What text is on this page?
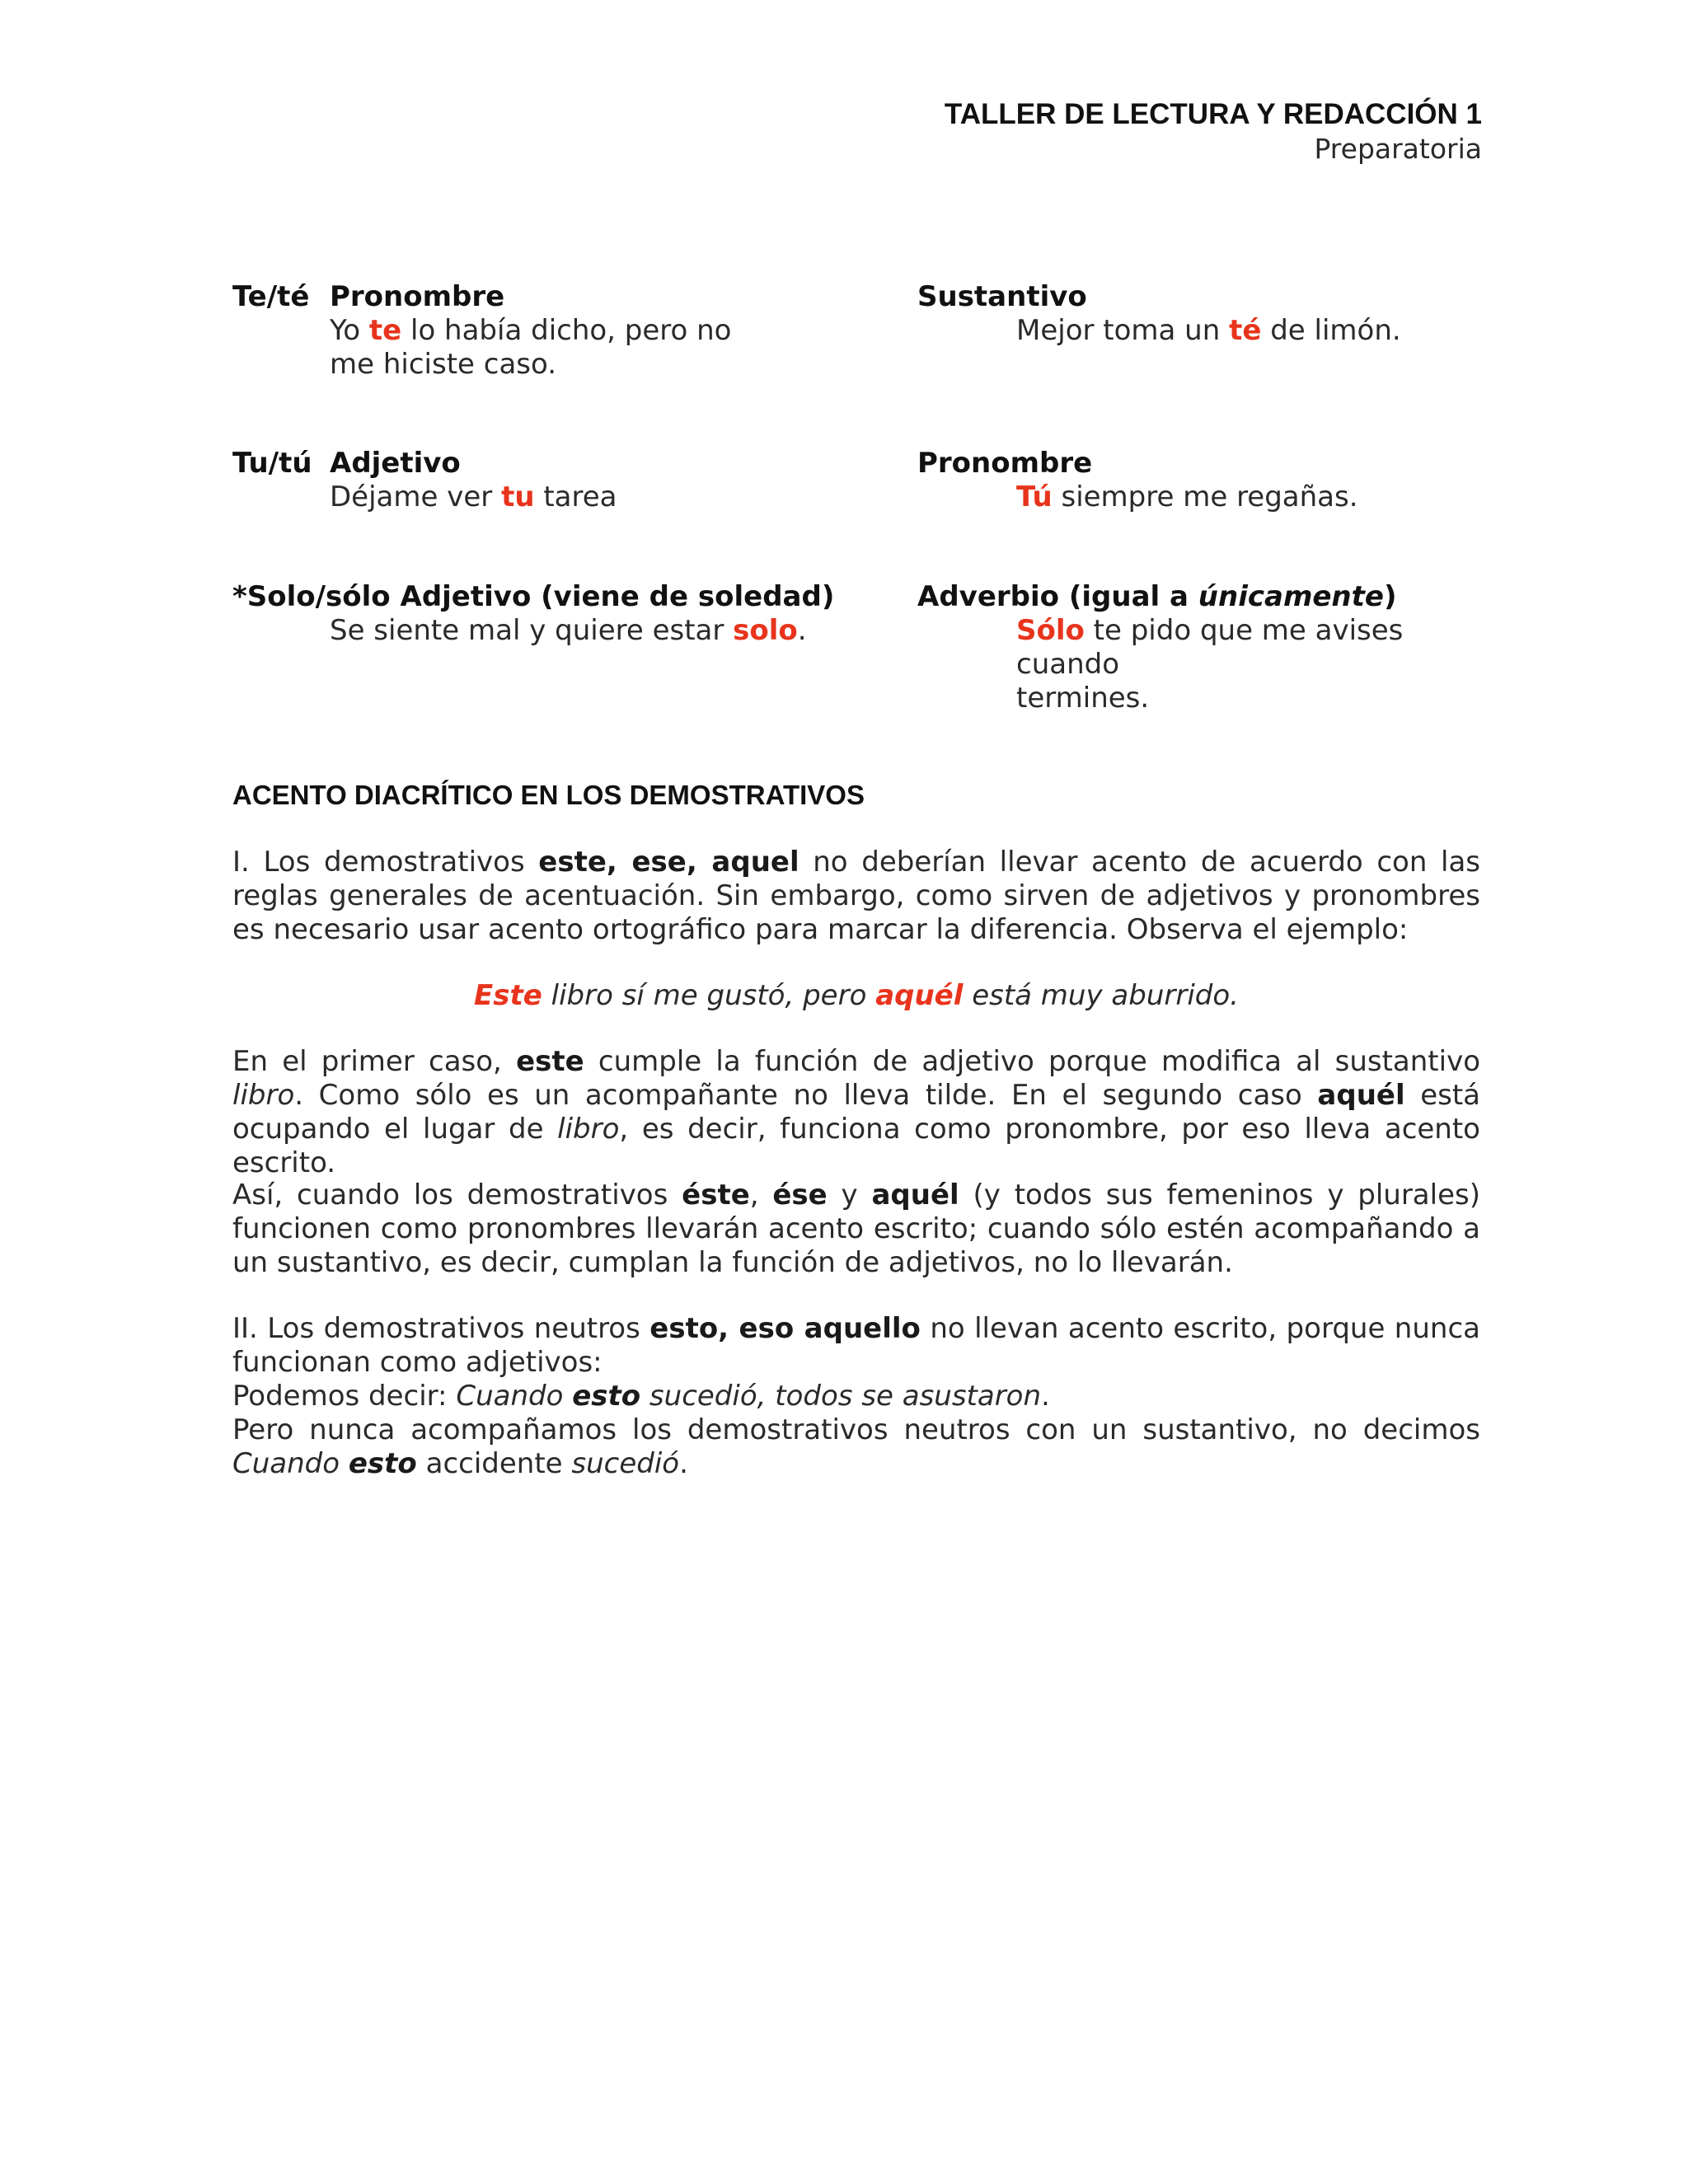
TALLER DE LECTURA Y REDACCIÓN 1
Preparatoria
Te/té Pronombre
Yo te lo había dicho, pero no
me hiciste caso.
Sustantivo
Mejor toma un té de limón.
Tu/tú Adjetivo
Déjame ver tu tarea
Pronombre
Tú siempre me regañas.
*Solo/sólo Adjetivo (viene de soledad)
Se siente mal y quiere estar solo.
Adverbio (igual a únicamente)
Sólo te pido que me avises cuando
termines.
ACENTO DIACRÍTICO EN LOS DEMOSTRATIVOS
I. Los demostrativos este, ese, aquel no deberían llevar acento de acuerdo con las reglas generales de acentuación. Sin embargo, como sirven de adjetivos y pronombres es necesario usar acento ortográfico para marcar la diferencia. Observa el ejemplo:
Este libro sí me gustó, pero aquél está muy aburrido.
En el primer caso, este cumple la función de adjetivo porque modifica al sustantivo libro. Como sólo es un acompañante no lleva tilde. En el segundo caso aquél está ocupando el lugar de libro, es decir, funciona como pronombre, por eso lleva acento escrito.
Así, cuando los demostrativos éste, ése y aquél (y todos sus femeninos y plurales) funcionen como pronombres llevarán acento escrito; cuando sólo estén acompañando a un sustantivo, es decir, cumplan la función de adjetivos, no lo llevarán.
II. Los demostrativos neutros esto, eso aquello no llevan acento escrito, porque nunca funcionan como adjetivos:
Podemos decir: Cuando esto sucedió, todos se asustaron.
Pero nunca acompañamos los demostrativos neutros con un sustantivo, no decimos Cuando esto accidente sucedió.
